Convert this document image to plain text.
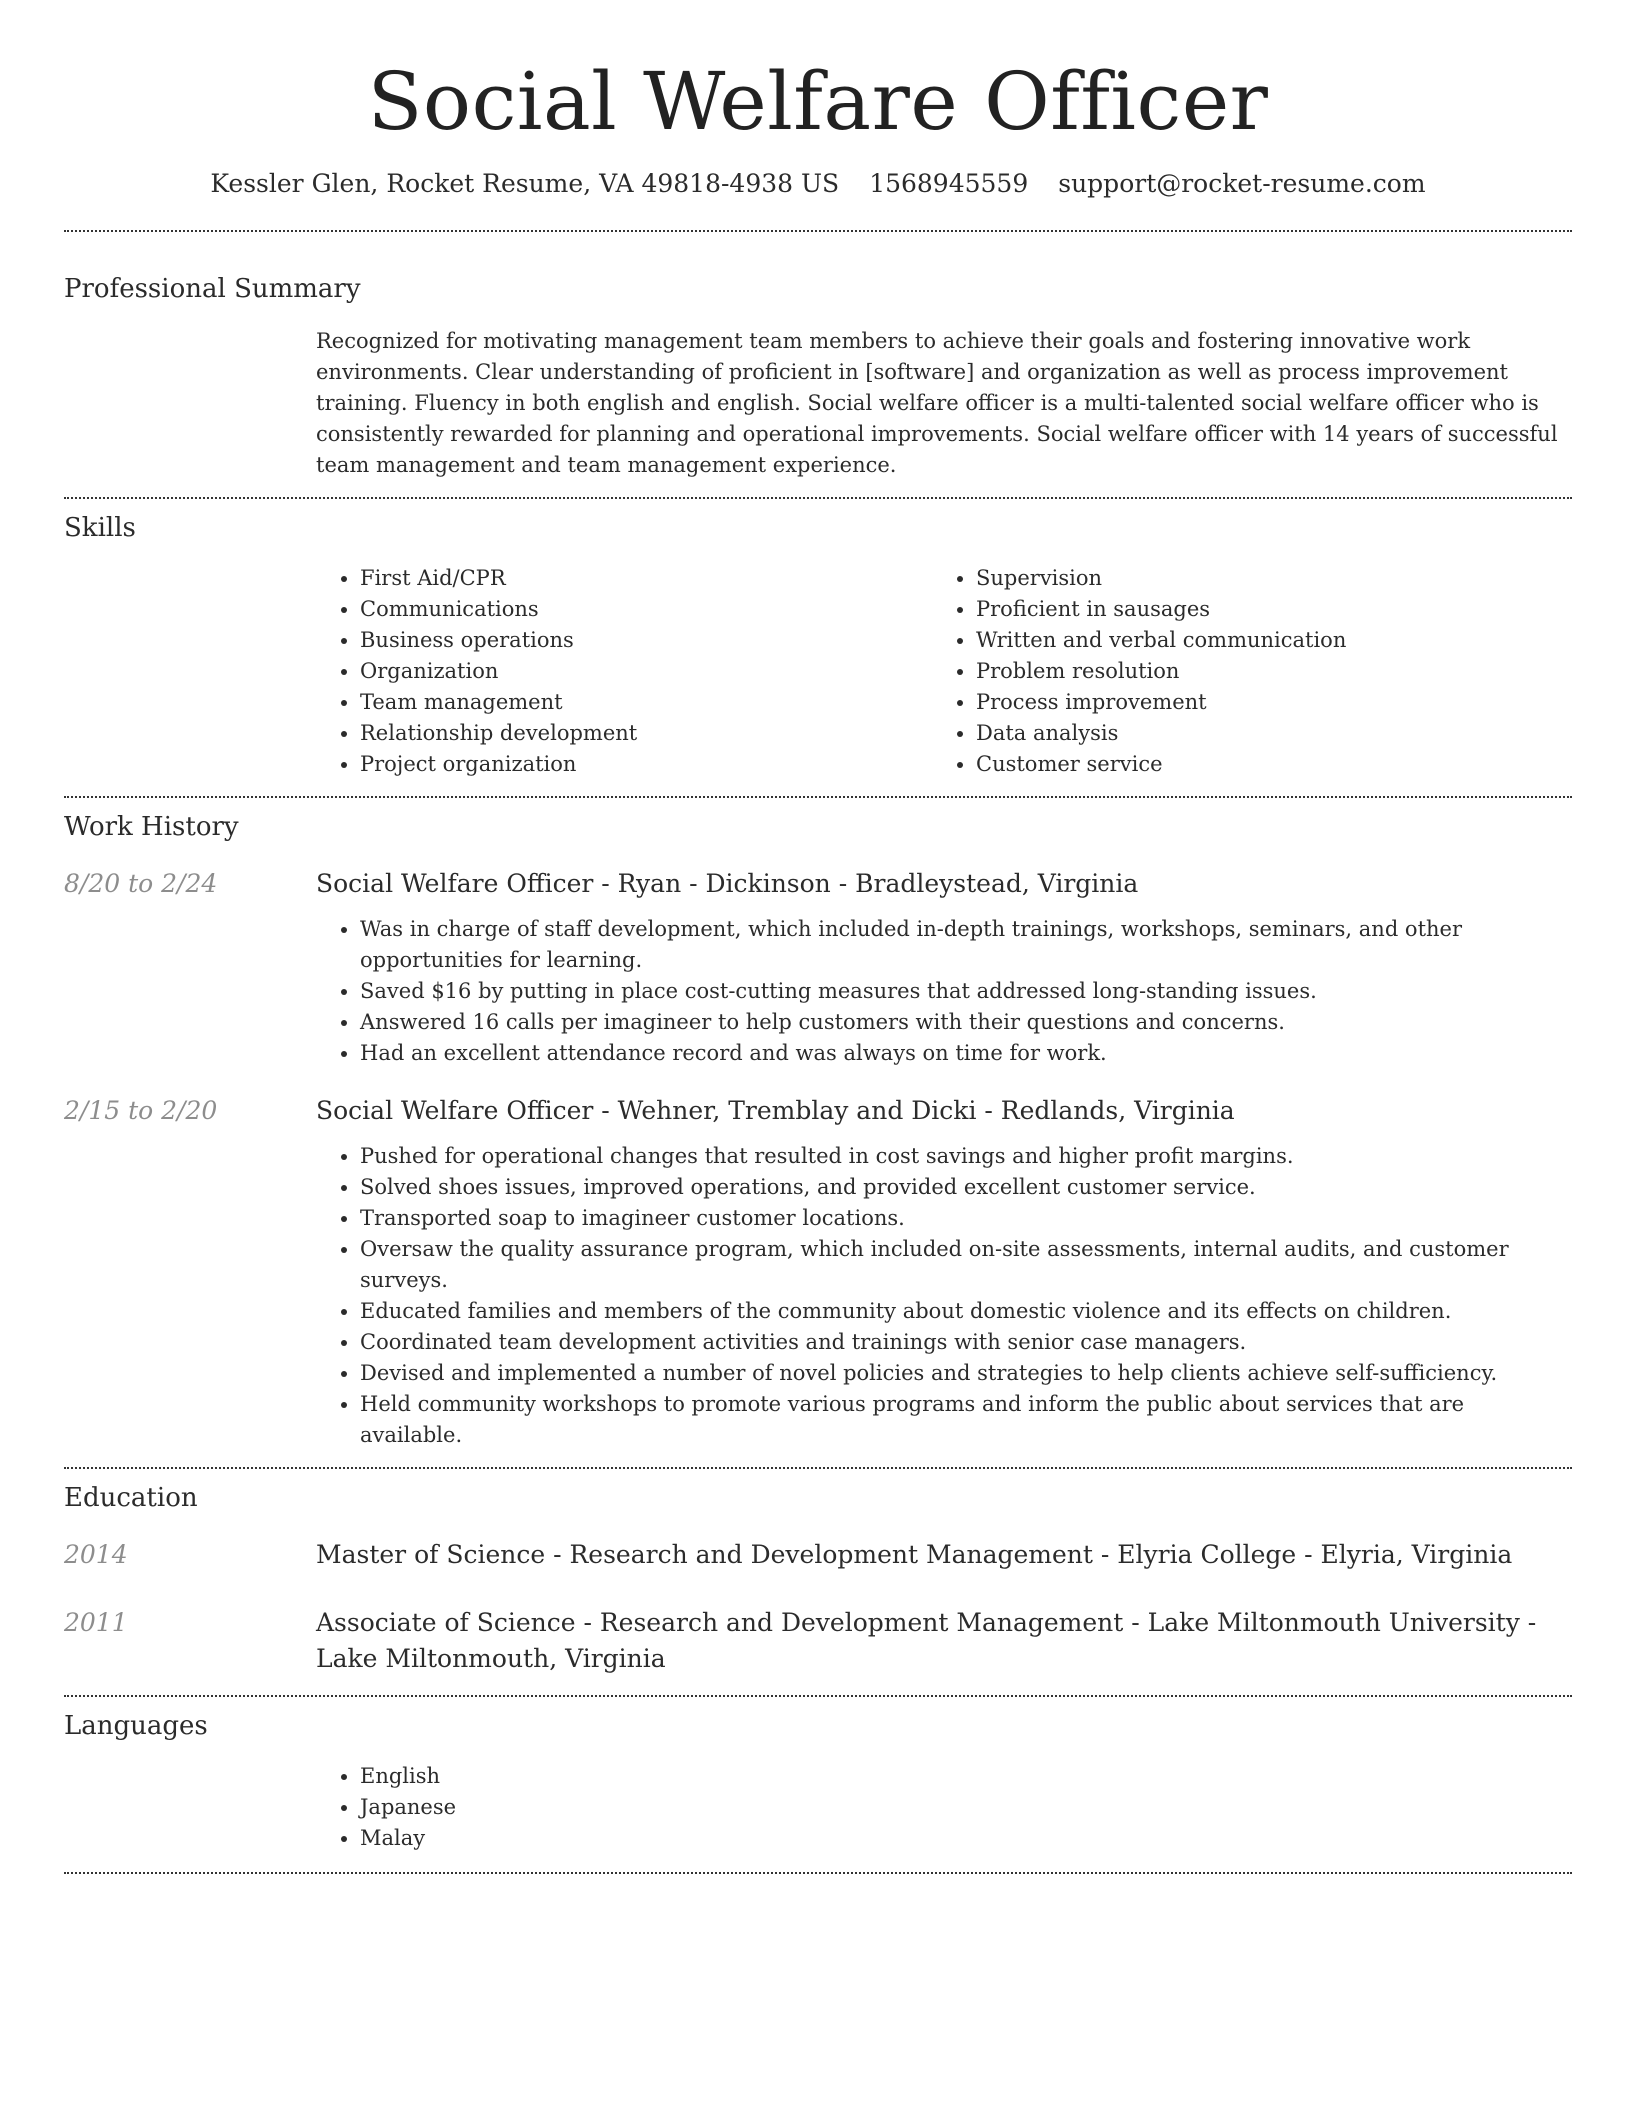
Social Welfare Officer
Kessler Glen, Rocket Resume, VA 49818-4938 US 1568945559 support@rocket-resume.com
Professional Summary
Recognized for motivating management team members to achieve their goals and fostering innovative work environments. Clear understanding of proficient in [software] and organization as well as process improvement training. Fluency in both english and english. Social welfare officer is a multi-talented social welfare officer who is consistently rewarded for planning and operational improvements. Social welfare officer with 14 years of successful team management and team management experience.
Skills
• First Aid/CPR
• Communications
• Business operations
• Organization
• Team management
• Relationship development
• Project organization
• Supervision
• Proficient in sausages
• Written and verbal communication
• Problem resolution
• Process improvement
• Data analysis
• Customer service
Work History
8/20 to 2/24	Social Welfare Officer - Ryan - Dickinson - Bradleystead, Virginia
• Was in charge of staff development, which included in-depth trainings, workshops, seminars, and other opportunities for learning.
• Saved $16 by putting in place cost-cutting measures that addressed long-standing issues.
• Answered 16 calls per imagineer to help customers with their questions and concerns.
• Had an excellent attendance record and was always on time for work.
2/15 to 2/20	Social Welfare Officer - Wehner, Tremblay and Dicki - Redlands, Virginia
• Pushed for operational changes that resulted in cost savings and higher profit margins.
• Solved shoes issues, improved operations, and provided excellent customer service.
• Transported soap to imagineer customer locations.
• Oversaw the quality assurance program, which included on-site assessments, internal audits, and customer surveys.
• Educated families and members of the community about domestic violence and its effects on children.
• Coordinated team development activities and trainings with senior case managers.
• Devised and implemented a number of novel policies and strategies to help clients achieve self-sufficiency.
• Held community workshops to promote various programs and inform the public about services that are available.
Education
2014	Master of Science - Research and Development Management - Elyria College - Elyria, Virginia
2011	Associate of Science - Research and Development Management - Lake Miltonmouth University - Lake Miltonmouth, Virginia
Languages
• English
• Japanese
• Malay
